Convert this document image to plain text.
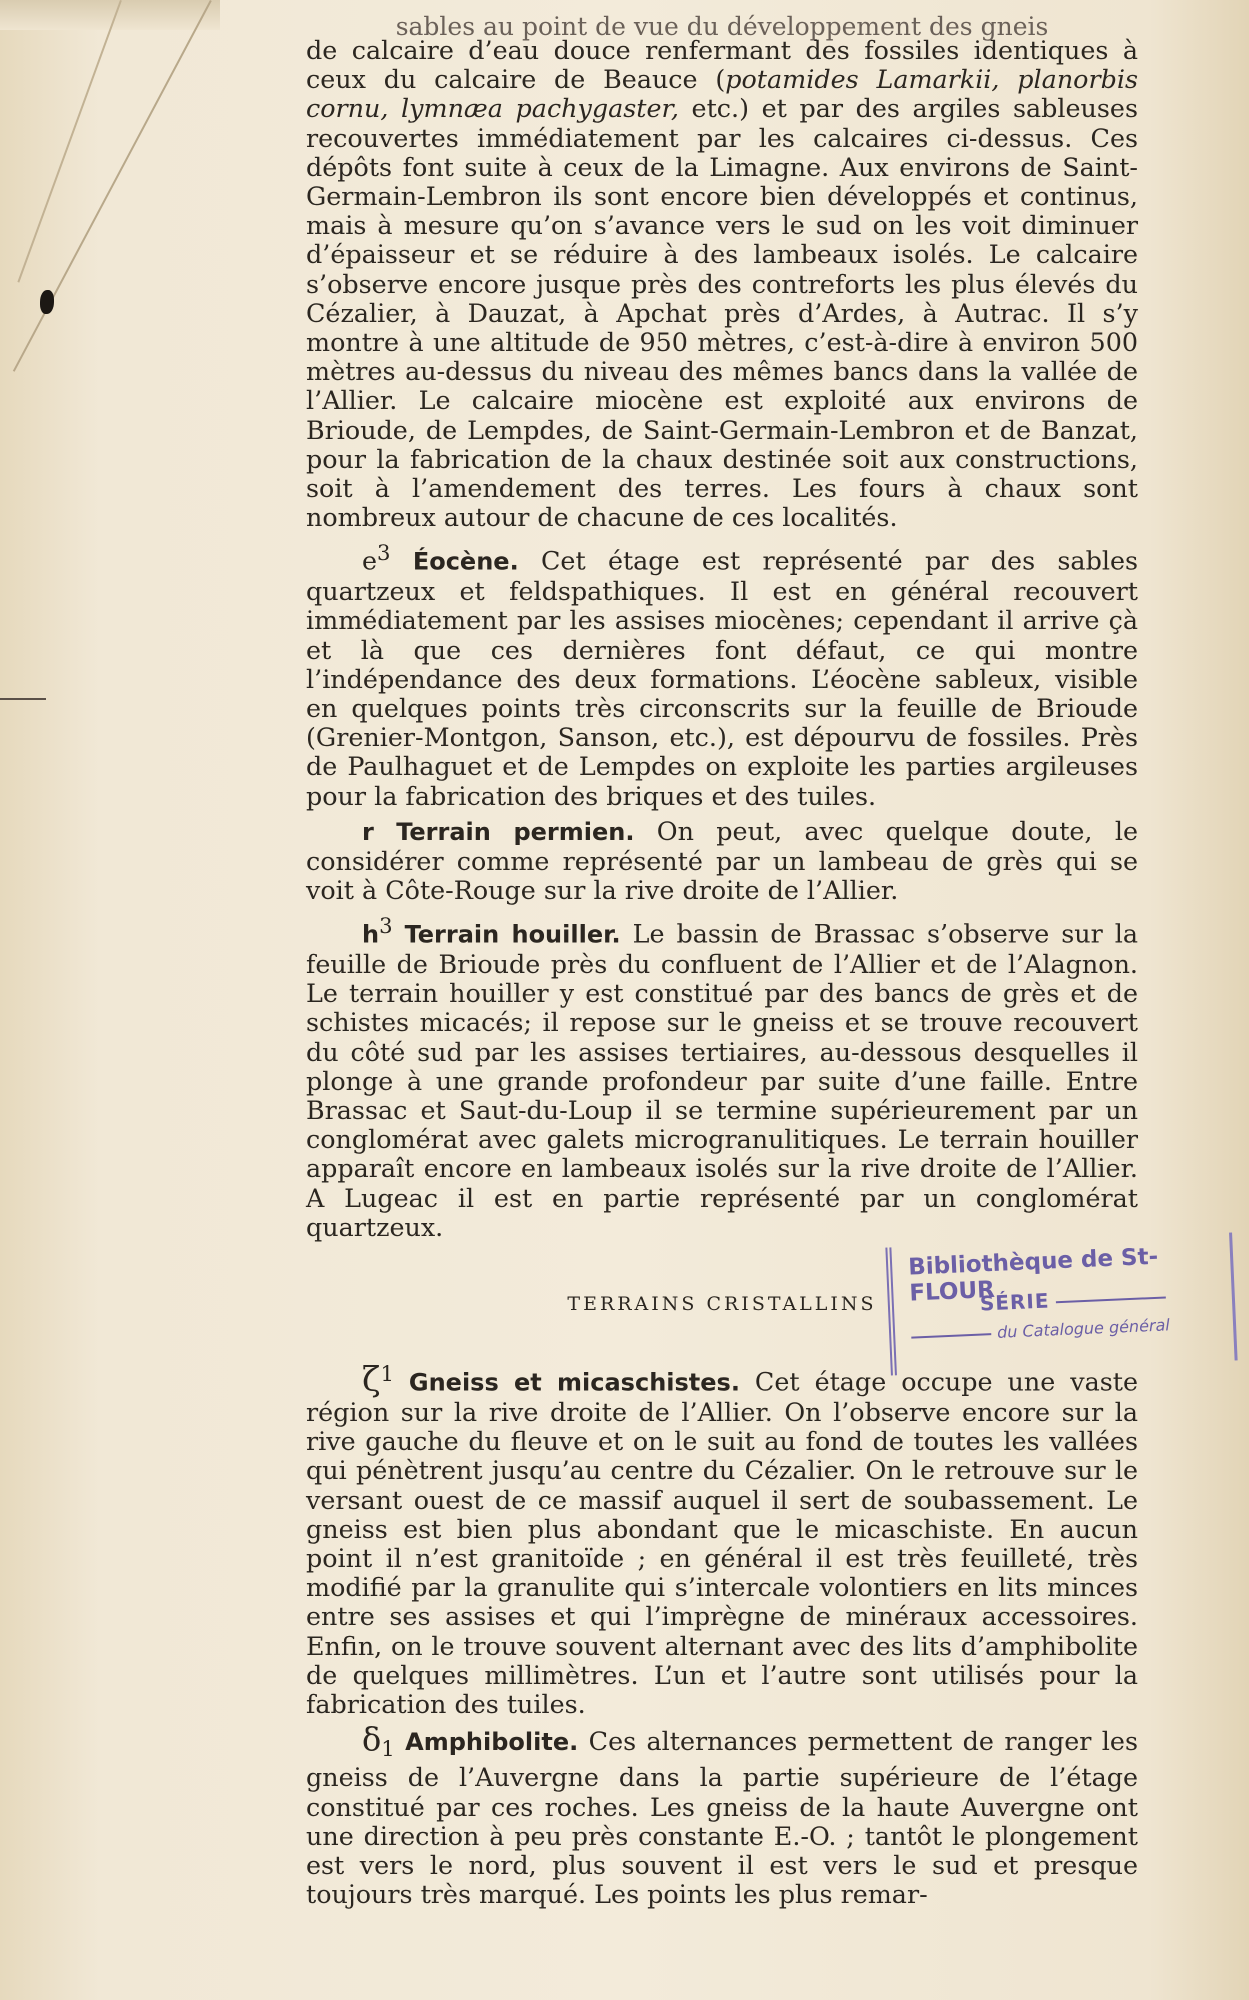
sables au point de vue du développement des gneis

de calcaire d’eau douce renfermant des fossiles identiques à ceux du calcaire de Beauce (potamides Lamarkii, planorbis cornu, lymnæa pachygaster, etc.) et par des argiles sableuses recouvertes immédiatement par les calcaires ci-dessus. Ces dépôts font suite à ceux de la Limagne. Aux environs de Saint-Germain-Lembron ils sont encore bien développés et continus, mais à mesure qu’on s’avance vers le sud on les voit diminuer d’épaisseur et se réduire à des lambeaux isolés. Le calcaire s’observe encore jusque près des contreforts les plus élevés du Cézalier, à Dauzat, à Apchat près d’Ardes, à Autrac. Il s’y montre à une altitude de 950 mètres, c’est-à-dire à environ 500 mètres au-dessus du niveau des mêmes bancs dans la vallée de l’Allier. Le calcaire miocène est exploité aux environs de Brioude, de Lempdes, de Saint-Germain-Lembron et de Banzat, pour la fabrication de la chaux destinée soit aux constructions, soit à l’amendement des terres. Les fours à chaux sont nombreux autour de chacune de ces localités.

$e^3$ Éocène. Cet étage est représenté par des sables quartzeux et feldspathiques. Il est en général recouvert immédiatement par les assises miocènes; cependant il arrive çà et là que ces dernières font défaut, ce qui montre l’indépendance des deux formations. L’éocène sableux, visible en quelques points très circonscrits sur la feuille de Brioude (Grenier-Montgon, Sanson, etc.), est dépourvu de fossiles. Près de Paulhaguet et de Lempdes on exploite les parties argileuses pour la fabrication des briques et des tuiles.

r Terrain permien. On peut, avec quelque doute, le considérer comme représenté par un lambeau de grès qui se voit à Côte-Rouge sur la rive droite de l’Allier.

$h^3$ Terrain houiller. Le bassin de Brassac s’observe sur la feuille de Brioude près du confluent de l’Allier et de l’Alagnon. Le terrain houiller y est constitué par des bancs de grès et de schistes micacés; il repose sur le gneiss et se trouve recouvert du côté sud par les assises tertiaires, au-dessous desquelles il plonge à une grande profondeur par suite d’une faille. Entre Brassac et Saut-du-Loup il se termine supérieurement par un conglomérat avec galets microgranulitiques. Le terrain houiller apparaît encore en lambeaux isolés sur la rive droite de l’Allier. A Lugeac il est en partie représenté par un conglomérat quartzeux.

TERRAINS CRISTALLINS

$\zeta^1$ Gneiss et micaschistes. Cet étage occupe une vaste région sur la rive droite de l’Allier. On l’observe encore sur la rive gauche du fleuve et on le suit au fond de toutes les vallées qui pénètrent jusqu’au centre du Cézalier. On le retrouve sur le versant ouest de ce massif auquel il sert de soubassement. Le gneiss est bien plus abondant que le micaschiste. En aucun point il n’est granitoïde ; en général il est très feuilleté, très modifié par la granulite qui s’intercale volontiers en lits minces entre ses assises et qui l’imprègne de minéraux accessoires. Enfin, on le trouve souvent alternant avec des lits d’amphibolite de quelques millimètres. L’un et l’autre sont utilisés pour la fabrication des tuiles.

$\delta_1$ Amphibolite. Ces alternances permettent de ranger les gneiss de l’Auvergne dans la partie supérieure de l’étage constitué par ces roches. Les gneiss de la haute Auvergne ont une direction à peu près constante E.-O. ; tantôt le plongement est vers le nord, plus souvent il est vers le sud et presque toujours très marqué. Les points les plus remar-

Bibliothèque de St-FLOUR
SÉRIE
du Catalogue général
